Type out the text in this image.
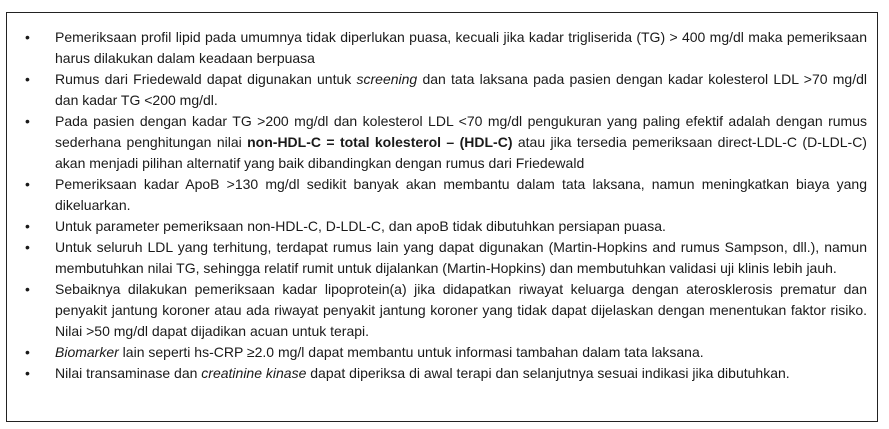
• Pemeriksaan profil lipid pada umumnya tidak diperlukan puasa, kecuali jika kadar trigliserida (TG) > 400 mg/dl maka pemeriksaan harus dilakukan dalam keadaan berpuasa
• Rumus dari Friedewald dapat digunakan untuk screening dan tata laksana pada pasien dengan kadar kolesterol LDL >70 mg/dl dan kadar TG <200 mg/dl.
• Pada pasien dengan kadar TG >200 mg/dl dan kolesterol LDL <70 mg/dl pengukuran yang paling efektif adalah dengan rumus sederhana penghitungan nilai non-HDL-C = total kolesterol – (HDL-C) atau jika tersedia pemeriksaan direct-LDL-C (D-LDL-C) akan menjadi pilihan alternatif yang baik dibandingkan dengan rumus dari Friedewald
• Pemeriksaan kadar ApoB >130 mg/dl sedikit banyak akan membantu dalam tata laksana, namun meningkatkan biaya yang dikeluarkan.
• Untuk parameter pemeriksaan non-HDL-C, D-LDL-C, dan apoB tidak dibutuhkan persiapan puasa.
• Untuk seluruh LDL yang terhitung, terdapat rumus lain yang dapat digunakan (Martin-Hopkins and rumus Sampson, dll.), namun membutuhkan nilai TG, sehingga relatif rumit untuk dijalankan (Martin-Hopkins) dan membutuhkan validasi uji klinis lebih jauh.
• Sebaiknya dilakukan pemeriksaan kadar lipoprotein(a) jika didapatkan riwayat keluarga dengan aterosklerosis prematur dan penyakit jantung koroner atau ada riwayat penyakit jantung koroner yang tidak dapat dijelaskan dengan menentukan faktor risiko. Nilai >50 mg/dl dapat dijadikan acuan untuk terapi.
• Biomarker lain seperti hs-CRP ≥2.0 mg/l dapat membantu untuk informasi tambahan dalam tata laksana.
• Nilai transaminase dan creatinine kinase dapat diperiksa di awal terapi dan selanjutnya sesuai indikasi jika dibutuhkan.
